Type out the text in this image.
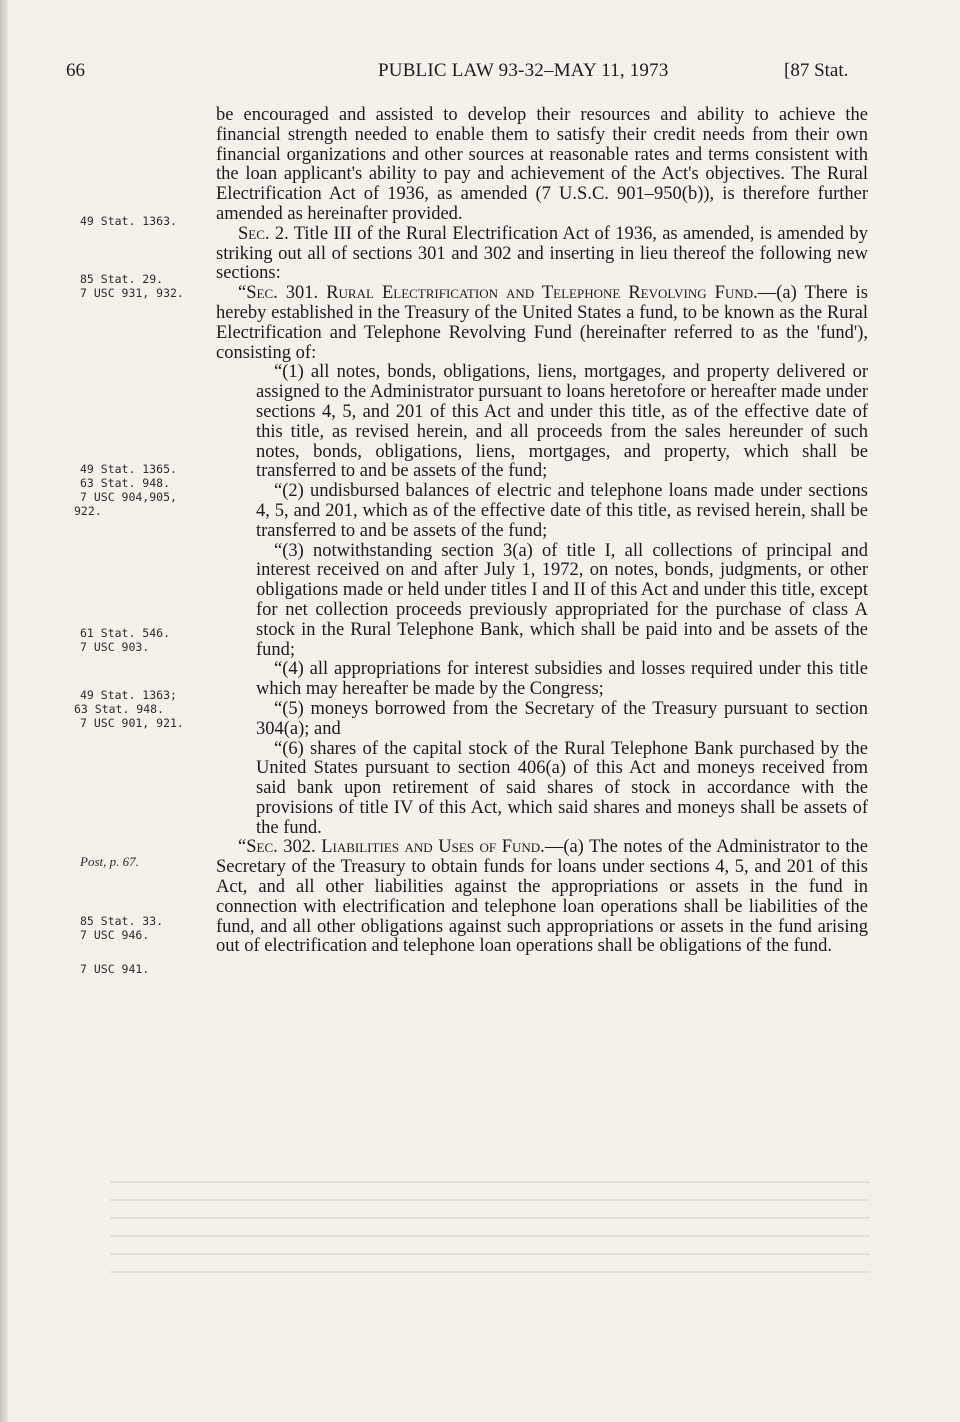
66	PUBLIC LAW 93-32–MAY 11, 1973	[87 Stat.
49 Stat. 1363.
85 Stat. 29.
7 USC 931, 932.
49 Stat. 1365.
63 Stat. 948.
7 USC 904,905,
922.
61 Stat. 546.
7 USC 903.
49 Stat. 1363;
63 Stat. 948.
7 USC 901, 921.
Post, p. 67.
85 Stat. 33.
7 USC 946.
7 USC 941.

be encouraged and assisted to develop their resources and ability to achieve the financial strength needed to enable them to satisfy their credit needs from their own financial organizations and other sources at reasonable rates and terms consistent with the loan applicant's ability to pay and achievement of the Act's objectives. The Rural Electrification Act of 1936, as amended (7 U.S.C. 901–950(b)), is therefore further amended as hereinafter provided.

Sec. 2. Title III of the Rural Electrification Act of 1936, as amended, is amended by striking out all of sections 301 and 302 and inserting in lieu thereof the following new sections:

“Sec. 301. Rural Electrification and Telephone Revolving Fund.—(a) There is hereby established in the Treasury of the United States a fund, to be known as the Rural Electrification and Telephone Revolving Fund (hereinafter referred to as the 'fund'), consisting of:

“(1) all notes, bonds, obligations, liens, mortgages, and property delivered or assigned to the Administrator pursuant to loans heretofore or hereafter made under sections 4, 5, and 201 of this Act and under this title, as of the effective date of this title, as revised herein, and all proceeds from the sales hereunder of such notes, bonds, obligations, liens, mortgages, and property, which shall be transferred to and be assets of the fund;

“(2) undisbursed balances of electric and telephone loans made under sections 4, 5, and 201, which as of the effective date of this title, as revised herein, shall be transferred to and be assets of the fund;

“(3) notwithstanding section 3(a) of title I, all collections of principal and interest received on and after July 1, 1972, on notes, bonds, judgments, or other obligations made or held under titles I and II of this Act and under this title, except for net collection proceeds previously appropriated for the purchase of class A stock in the Rural Telephone Bank, which shall be paid into and be assets of the fund;

“(4) all appropriations for interest subsidies and losses required under this title which may hereafter be made by the Congress;

“(5) moneys borrowed from the Secretary of the Treasury pursuant to section 304(a); and

“(6) shares of the capital stock of the Rural Telephone Bank purchased by the United States pursuant to section 406(a) of this Act and moneys received from said bank upon retirement of said shares of stock in accordance with the provisions of title IV of this Act, which said shares and moneys shall be assets of the fund.

“Sec. 302. Liabilities and Uses of Fund.—(a) The notes of the Administrator to the Secretary of the Treasury to obtain funds for loans under sections 4, 5, and 201 of this Act, and all other liabilities against the appropriations or assets in the fund in connection with electrification and telephone loan operations shall be liabilities of the fund, and all other obligations against such appropriations or assets in the fund arising out of electrification and telephone loan operations shall be obligations of the fund.
